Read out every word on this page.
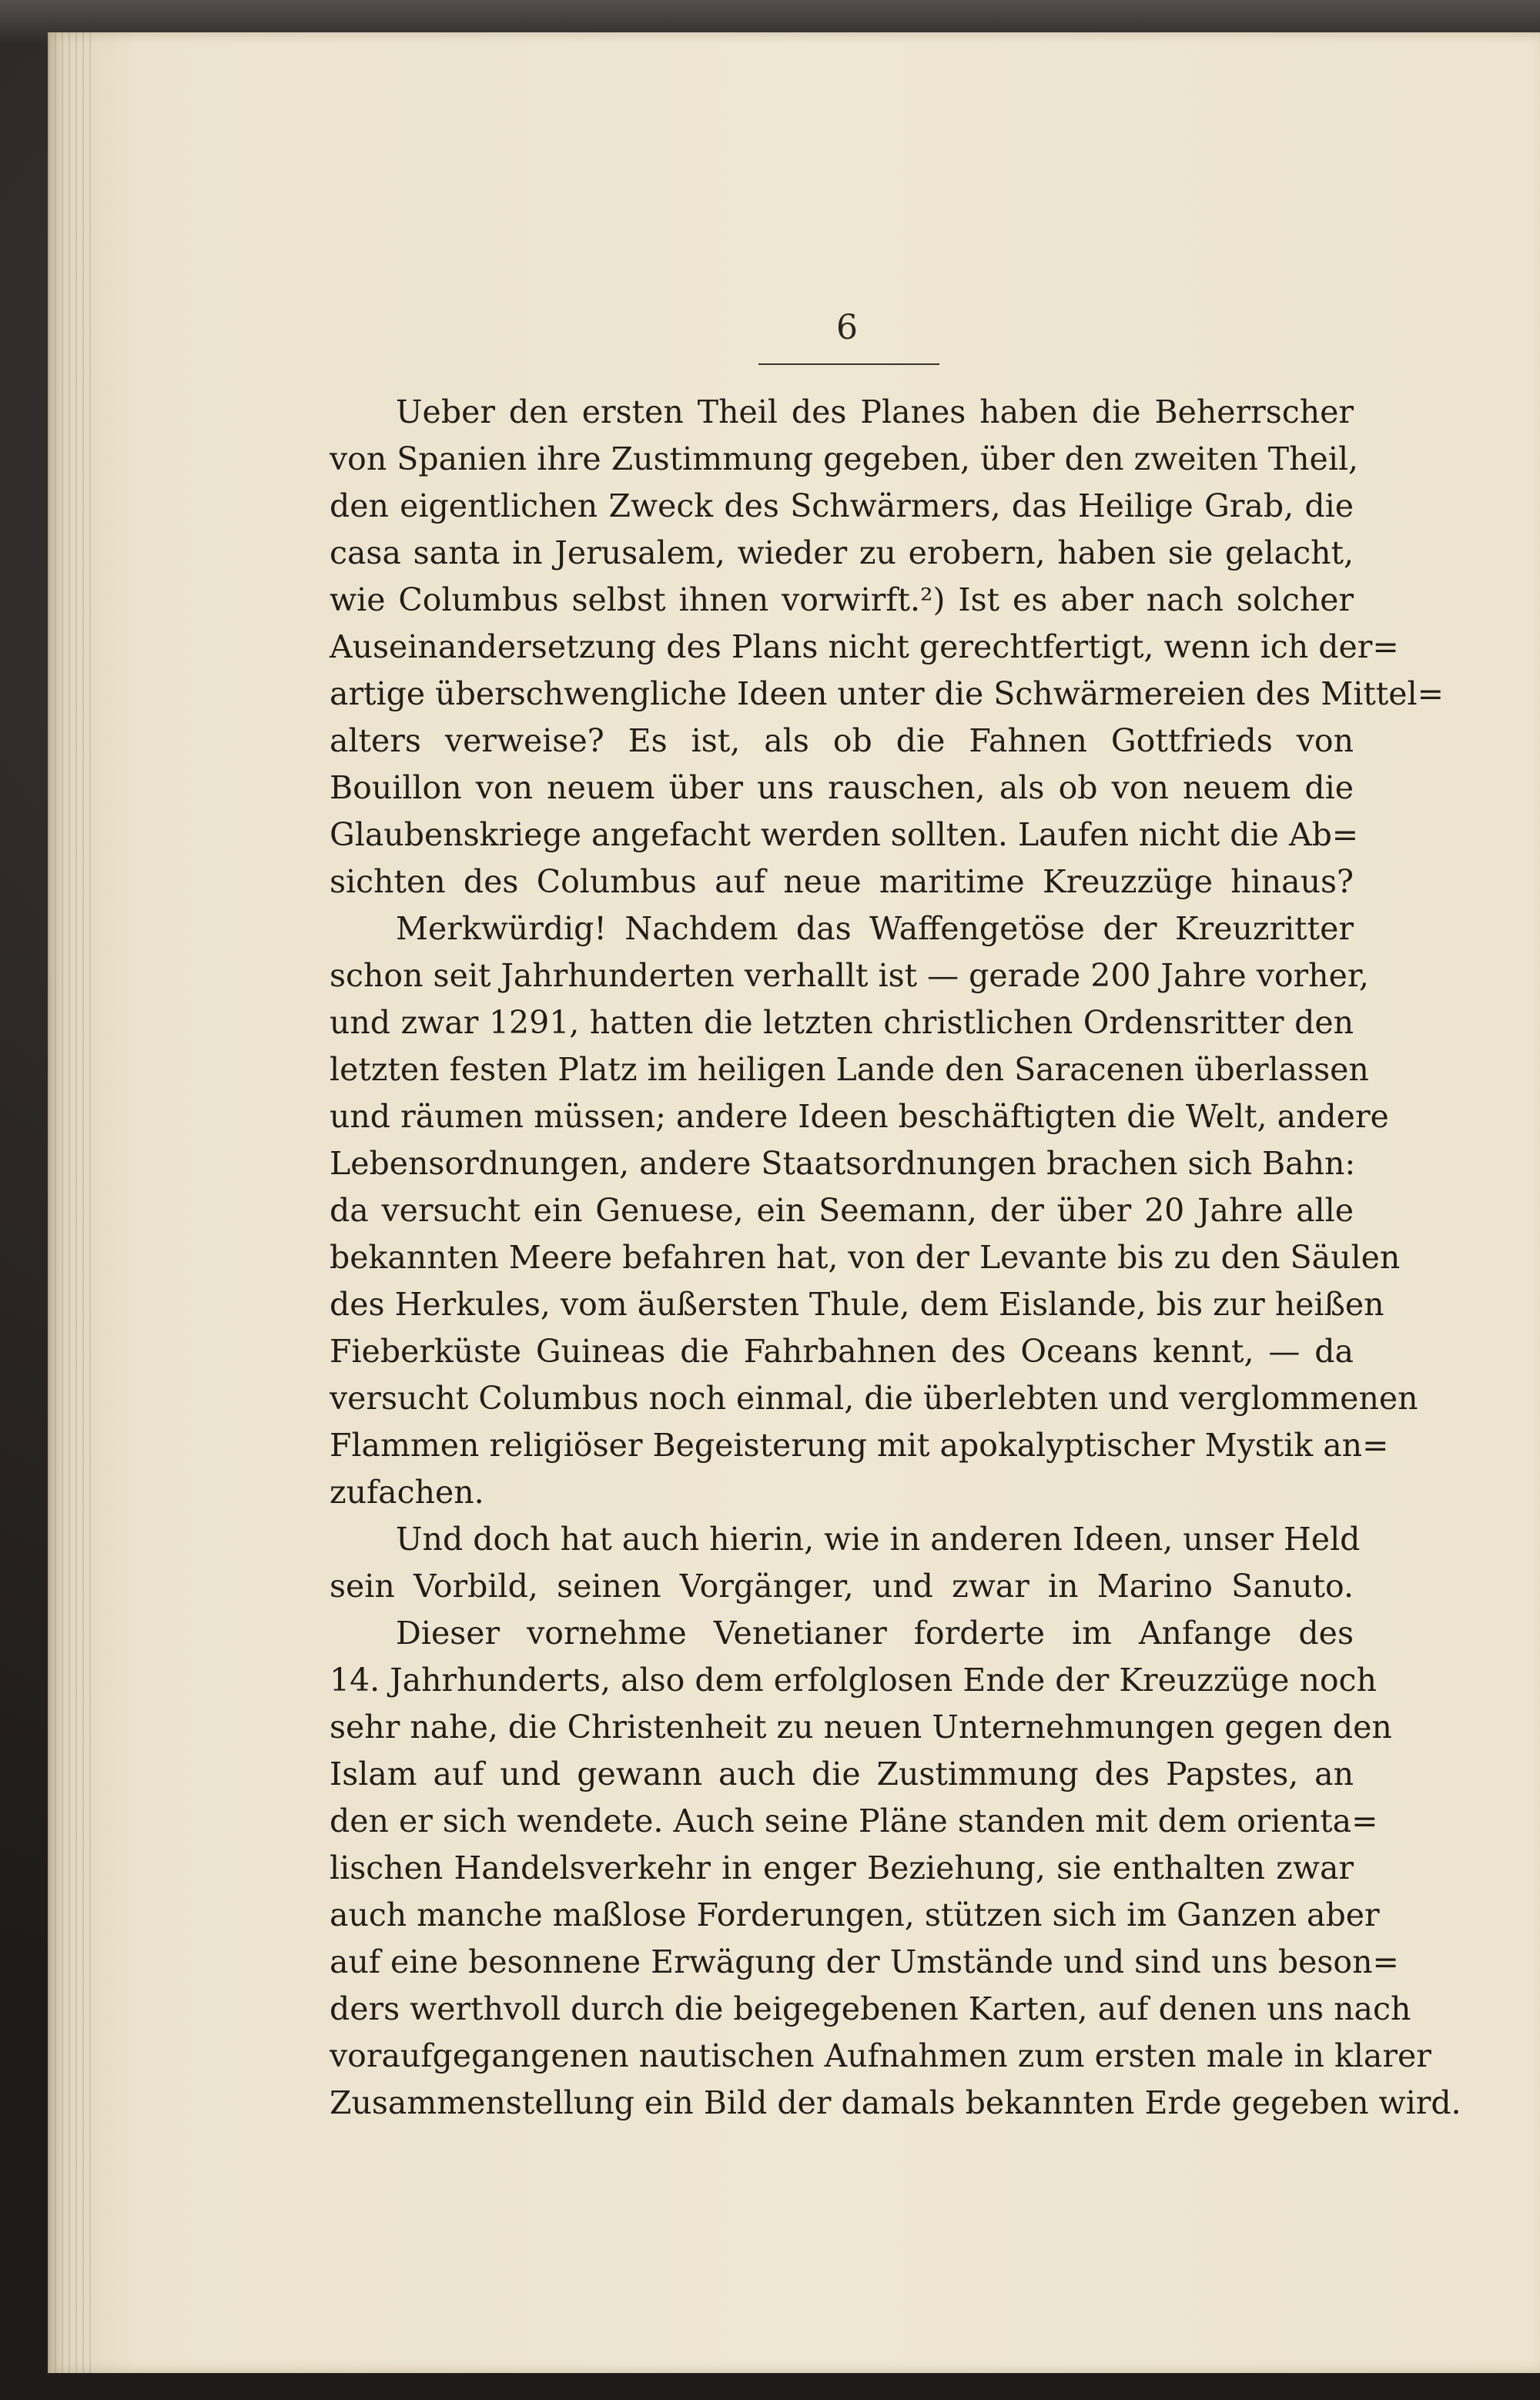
6
Ueber den ersten Theil des Planes haben die Beherrscher
von Spanien ihre Zustimmung gegeben, über den zweiten Theil,
den eigentlichen Zweck des Schwärmers, das Heilige Grab, die
casa santa in Jerusalem, wieder zu erobern, haben sie gelacht,
wie Columbus selbst ihnen vorwirft.²) Ist es aber nach solcher
Auseinandersetzung des Plans nicht gerechtfertigt, wenn ich der=
artige überschwengliche Ideen unter die Schwärmereien des Mittel=
alters verweise? Es ist, als ob die Fahnen Gottfrieds von
Bouillon von neuem über uns rauschen, als ob von neuem die
Glaubenskriege angefacht werden sollten. Laufen nicht die Ab=
sichten des Columbus auf neue maritime Kreuzzüge hinaus?
Merkwürdig! Nachdem das Waffengetöse der Kreuzritter
schon seit Jahrhunderten verhallt ist — gerade 200 Jahre vorher,
und zwar 1291, hatten die letzten christlichen Ordensritter den
letzten festen Platz im heiligen Lande den Saracenen überlassen
und räumen müssen; andere Ideen beschäftigten die Welt, andere
Lebensordnungen, andere Staatsordnungen brachen sich Bahn:
da versucht ein Genuese, ein Seemann, der über 20 Jahre alle
bekannten Meere befahren hat, von der Levante bis zu den Säulen
des Herkules, vom äußersten Thule, dem Eislande, bis zur heißen
Fieberküste Guineas die Fahrbahnen des Oceans kennt, — da
versucht Columbus noch einmal, die überlebten und verglommenen
Flammen religiöser Begeisterung mit apokalyptischer Mystik an=
zufachen.
Und doch hat auch hierin, wie in anderen Ideen, unser Held
sein Vorbild, seinen Vorgänger, und zwar in Marino Sanuto.
Dieser vornehme Venetianer forderte im Anfange des
14. Jahrhunderts, also dem erfolglosen Ende der Kreuzzüge noch
sehr nahe, die Christenheit zu neuen Unternehmungen gegen den
Islam auf und gewann auch die Zustimmung des Papstes, an
den er sich wendete. Auch seine Pläne standen mit dem orienta=
lischen Handelsverkehr in enger Beziehung, sie enthalten zwar
auch manche maßlose Forderungen, stützen sich im Ganzen aber
auf eine besonnene Erwägung der Umstände und sind uns beson=
ders werthvoll durch die beigegebenen Karten, auf denen uns nach
voraufgegangenen nautischen Aufnahmen zum ersten male in klarer
Zusammenstellung ein Bild der damals bekannten Erde gegeben wird.
